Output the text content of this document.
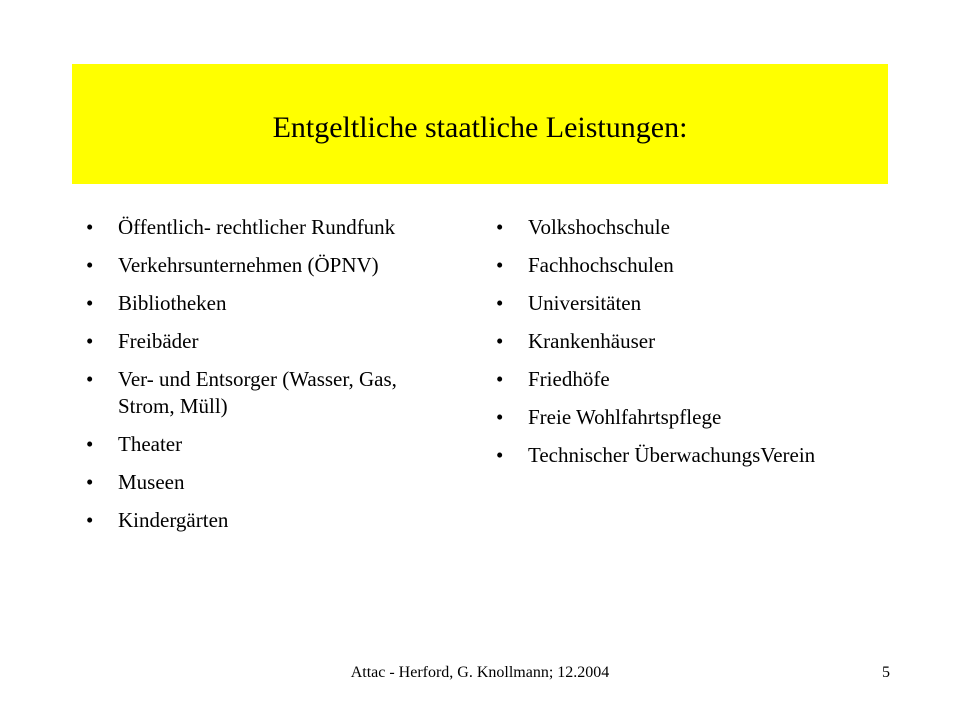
Entgeltliche staatliche Leistungen:
• Öffentlich- rechtlicher Rundfunk
• Verkehrsunternehmen (ÖPNV)
• Bibliotheken
• Freibäder
• Ver- und Entsorger (Wasser, Gas, Strom, Müll)
• Theater
• Museen
• Kindergärten
• Volkshochschule
• Fachhochschulen
• Universitäten
• Krankenhäuser
• Friedhöfe
• Freie Wohlfahrtspflege
• Technischer ÜberwachungsVerein
Attac - Herford, G. Knollmann; 12.2004	5
